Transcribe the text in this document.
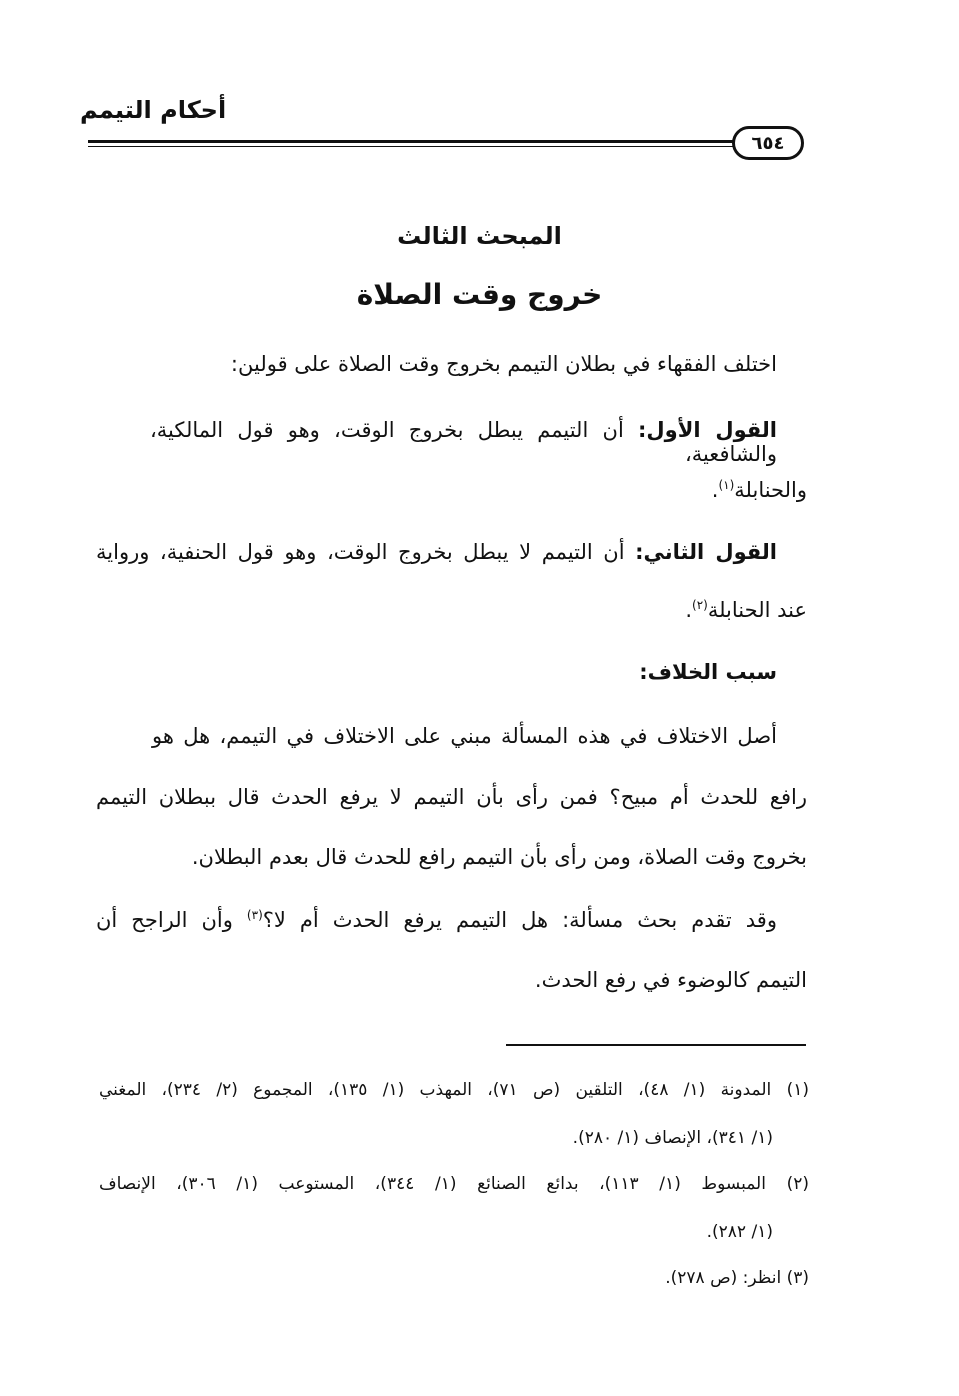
أحكام التيمم
٦٥٤
المبحث الثالث
خروج وقت الصلاة
اختلف الفقهاء في بطلان التيمم بخروج وقت الصلاة على قولين:
القول الأول: أن التيمم يبطل بخروج الوقت، وهو قول المالكية، والشافعية،
والحنابلة$^{(١)}$.
القول الثاني: أن التيمم لا يبطل بخروج الوقت، وهو قول الحنفية، ورواية
عند الحنابلة$^{(٢)}$.
سبب الخلاف:
أصل الاختلاف في هذه المسألة مبني على الاختلاف في التيمم، هل هو
رافع للحدث أم مبيح؟ فمن رأى بأن التيمم لا يرفع الحدث قال ببطلان التيمم
بخروج وقت الصلاة، ومن رأى بأن التيمم رافع للحدث قال بعدم البطلان.
وقد تقدم بحث مسألة: هل التيمم يرفع الحدث أم لا؟$^{(٣)}$ وأن الراجح أن
التيمم كالوضوء في رفع الحدث.
(١) المدونة (١/ ٤٨)، التلقين (ص ٧١)، المهذب (١/ ١٣٥)، المجموع (٢/ ٢٣٤)، المغني
(١/ ٣٤١)، الإنصاف (١/ ٢٨٠).
(٢) المبسوط (١/ ١١٣)، بدائع الصنائع (١/ ٣٤٤)، المستوعب (١/ ٣٠٦)، الإنصاف
(١/ ٢٨٢).
(٣) انظر: (ص ٢٧٨).
